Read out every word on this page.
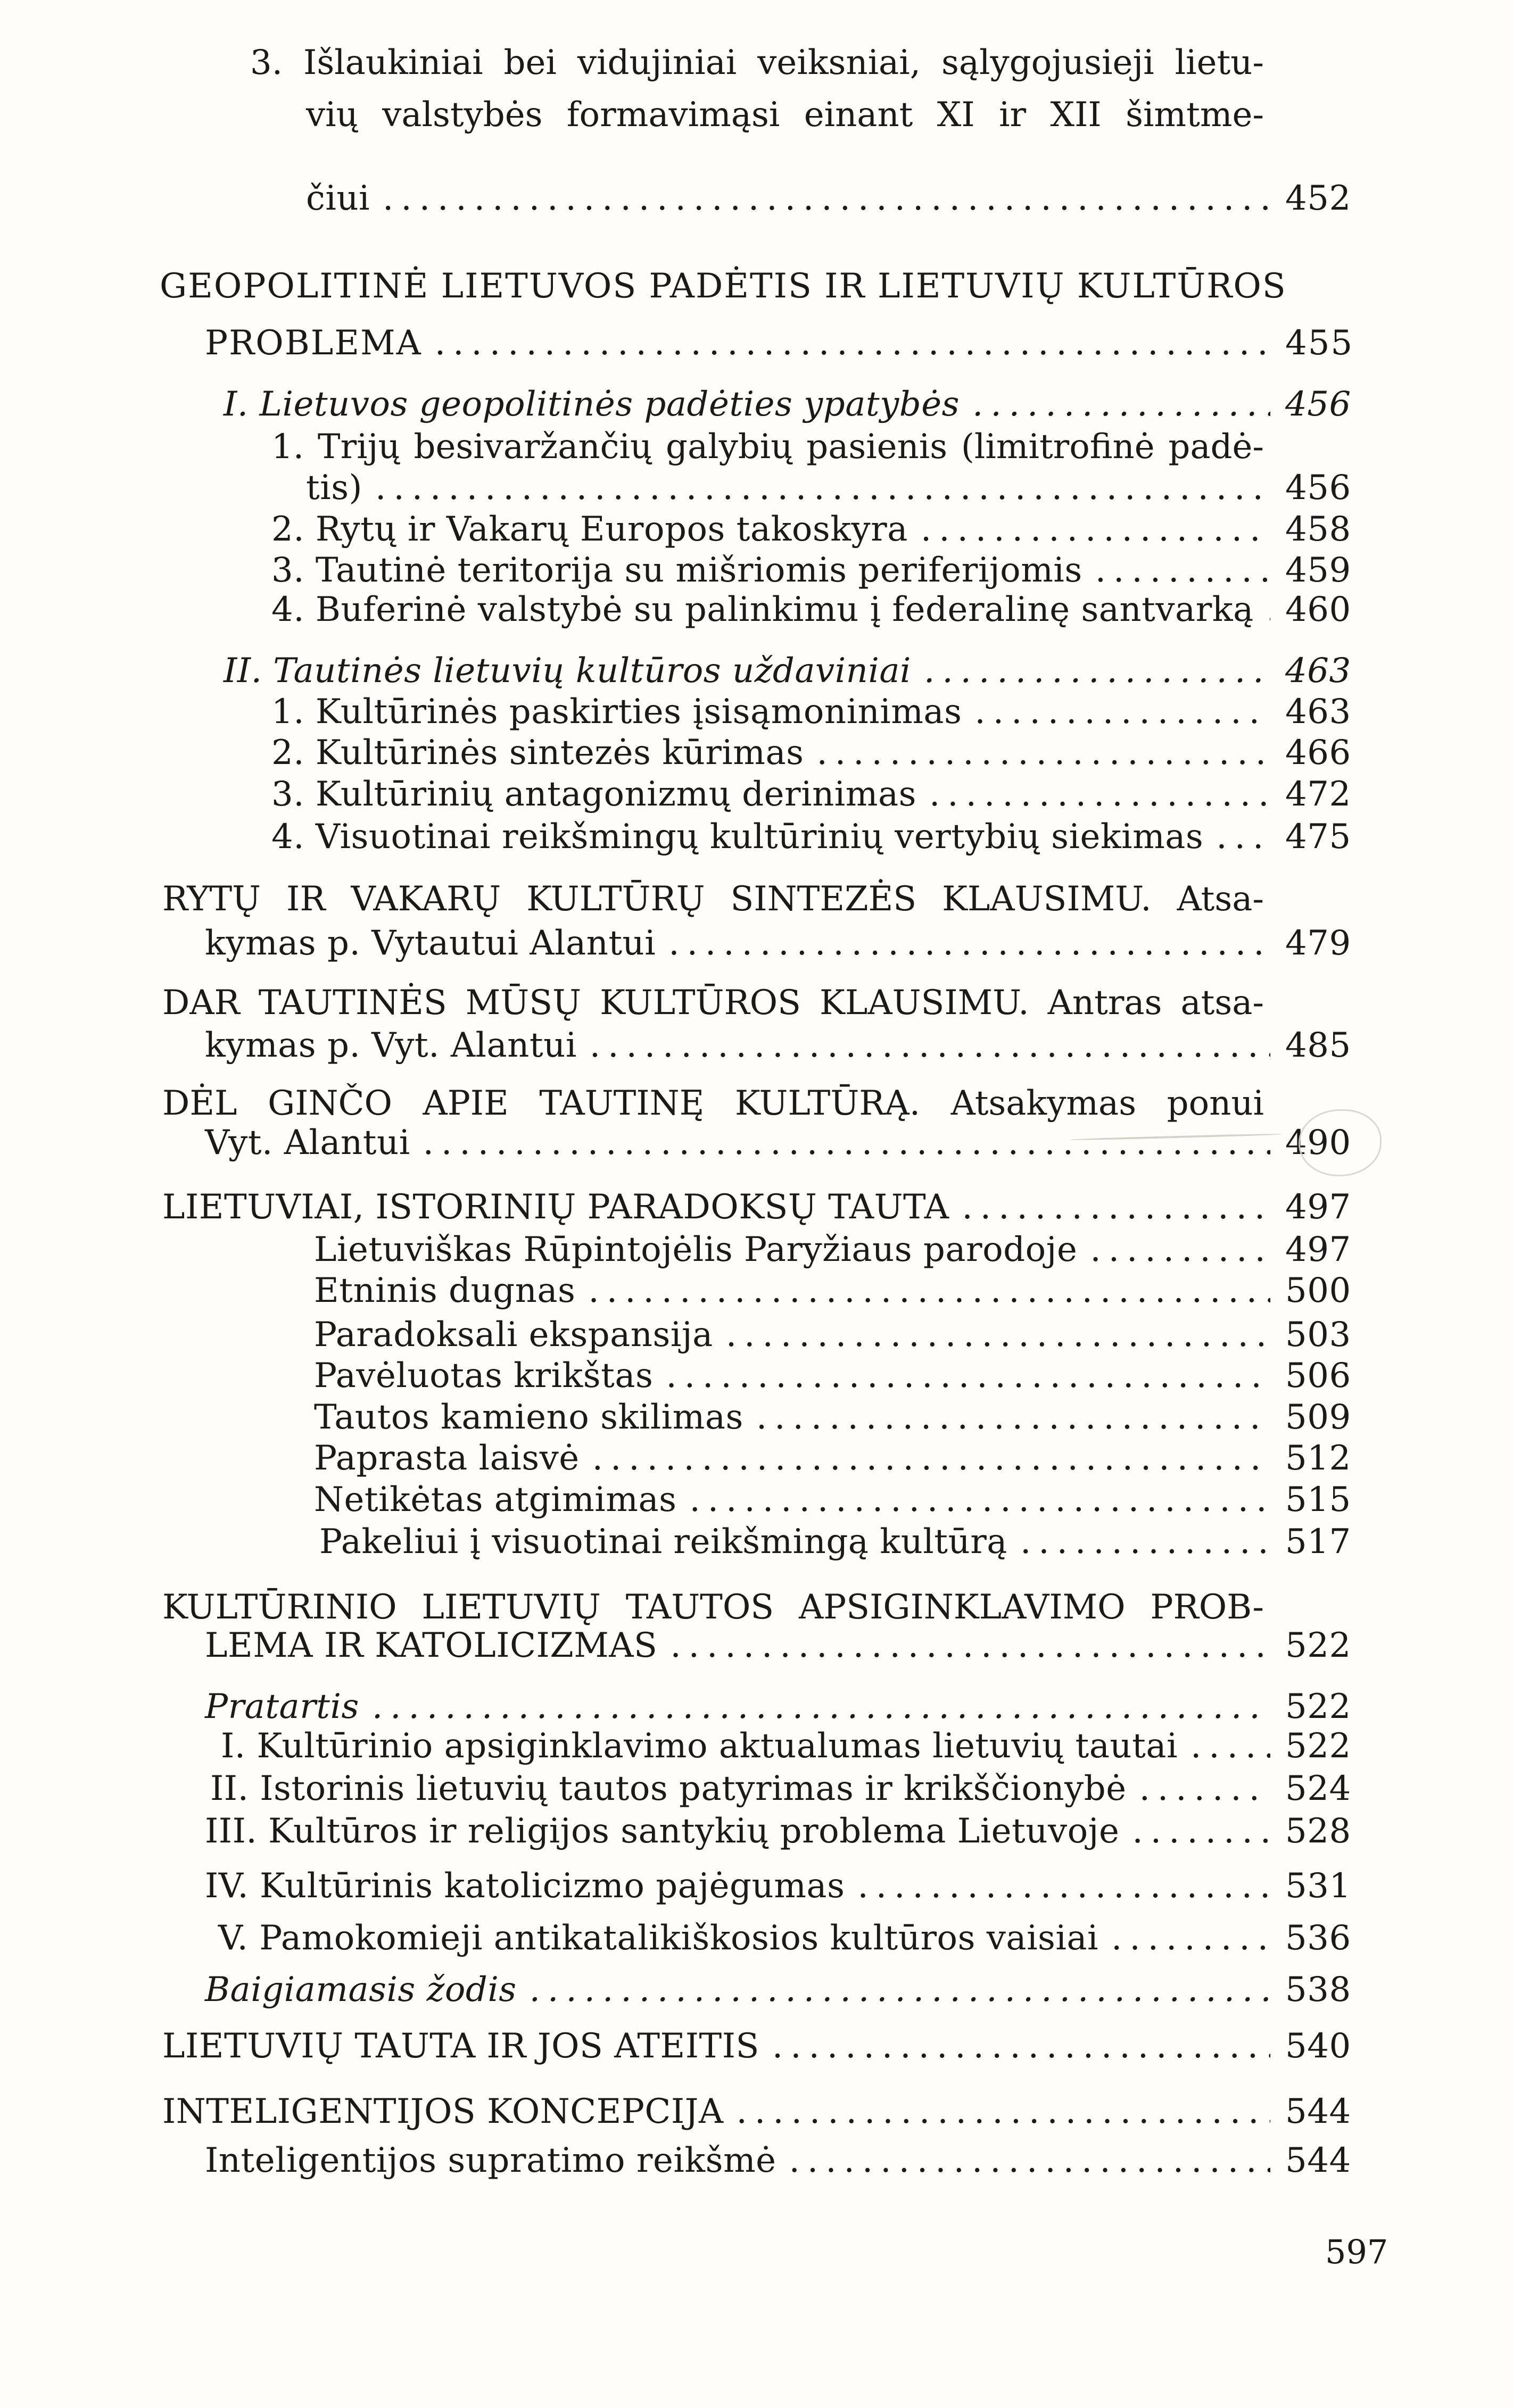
3. Išlaukiniai bei vidujiniai veiksniai, sąlygojusieji lietu-
vių valstybės formavimąsi einant XI ir XII šimtme-
čiui .....	452
GEOPOLITINĖ LIETUVOS PADĖTIS IR LIETUVIŲ KULTŪROS
PROBLEMA .....	455
I. Lietuvos geopolitinės padėties ypatybės .....	456
1. Trijų besivaržančių galybių pasienis (limitrofinė padė-
tis) .....	456
2. Rytų ir Vakarų Europos takoskyra .....	458
3. Tautinė teritorija su mišriomis periferijomis .....	459
4. Buferinė valstybė su palinkimu į federalinę santvarką ..... 460
II. Tautinės lietuvių kultūros uždaviniai .....	463
1. Kultūrinės paskirties įsisąmoninimas .....	463
2. Kultūrinės sintezės kūrimas .....	466
3. Kultūrinių antagonizmų derinimas .....	472
4. Visuotinai reikšmingų kultūrinių vertybių siekimas ..... 475
RYTŲ IR VAKARŲ KULTŪRŲ SINTEZĖS KLAUSIMU. Atsa-
kymas p. Vytautui Alantui .....	479
DAR TAUTINĖS MŪSŲ KULTŪROS KLAUSIMU. Antras atsa-
kymas p. Vyt. Alantui .....	485
DĖL GINČO APIE TAUTINĘ KULTŪRĄ. Atsakymas ponui
Vyt. Alantui .....	490
LIETUVIAI, ISTORINIŲ PARADOKSŲ TAUTA .....	497
Lietuviškas Rūpintojėlis Paryžiaus parodoje .....	497
Etninis dugnas .....	500
Paradoksali ekspansija .....	503
Pavėluotas krikštas .....	506
Tautos kamieno skilimas .....	509
Paprasta laisvė .....	512
Netikėtas atgimimas .....	515
Pakeliui į visuotinai reikšmingą kultūrą .....	517
KULTŪRINIO LIETUVIŲ TAUTOS APSIGINKLAVIMO PROB-
LEMA IR KATOLICIZMAS .....	522
Pratartis .....	522
I. Kultūrinio apsiginklavimo aktualumas lietuvių tautai .....	522
II. Istorinis lietuvių tautos patyrimas ir krikščionybė .....	524
III. Kultūros ir religijos santykių problema Lietuvoje .....	528
IV. Kultūrinis katolicizmo pajėgumas .....	531
V. Pamokomieji antikatalikiškosios kultūros vaisiai .....	536
Baigiamasis žodis .....	538
LIETUVIŲ TAUTA IR JOS ATEITIS .....	540
INTELIGENTIJOS KONCEPCIJA .....	544
Inteligentijos supratimo reikšmė .....	544
597
